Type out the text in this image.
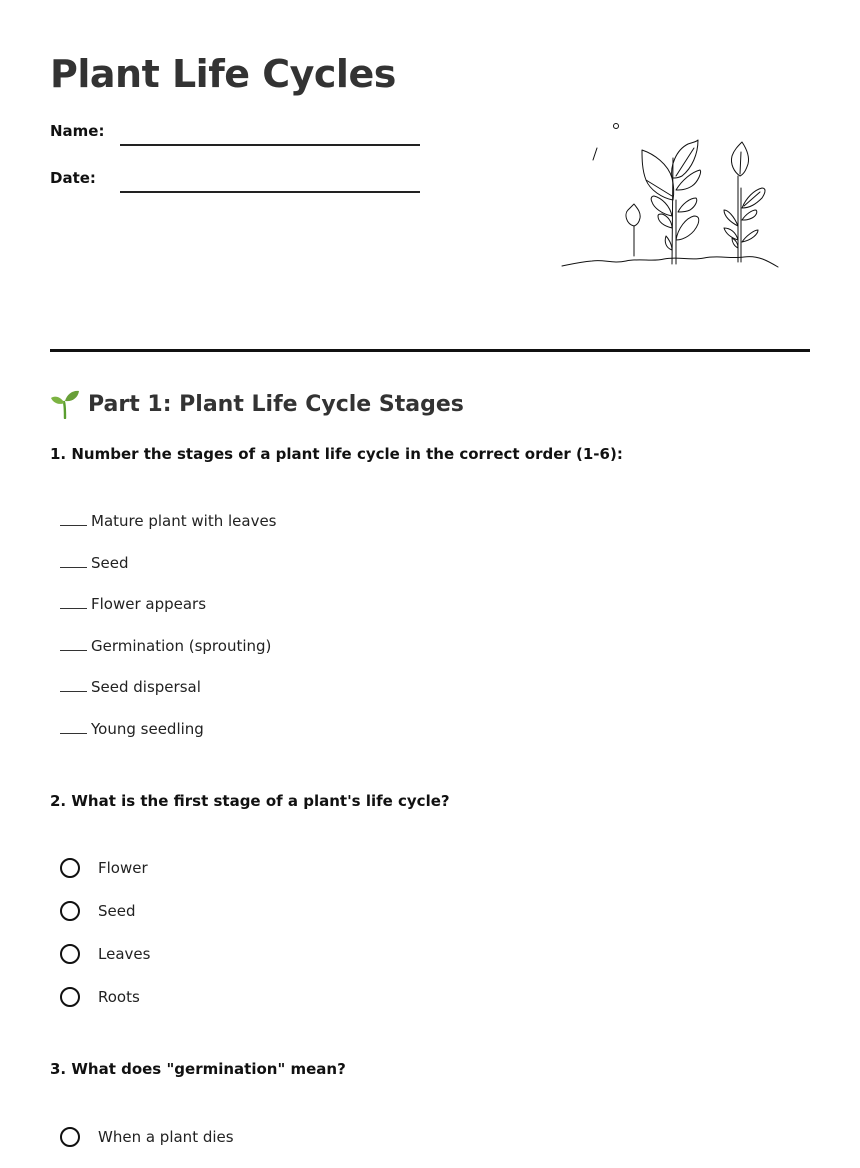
Plant Life Cycles
Name:
Date:
Part 1: Plant Life Cycle Stages
1. Number the stages of a plant life cycle in the correct order (1-6):
Mature plant with leaves
Seed
Flower appears
Germination (sprouting)
Seed dispersal
Young seedling
2. What is the first stage of a plant's life cycle?
Flower
Seed
Leaves
Roots
3. What does "germination" mean?
When a plant dies
